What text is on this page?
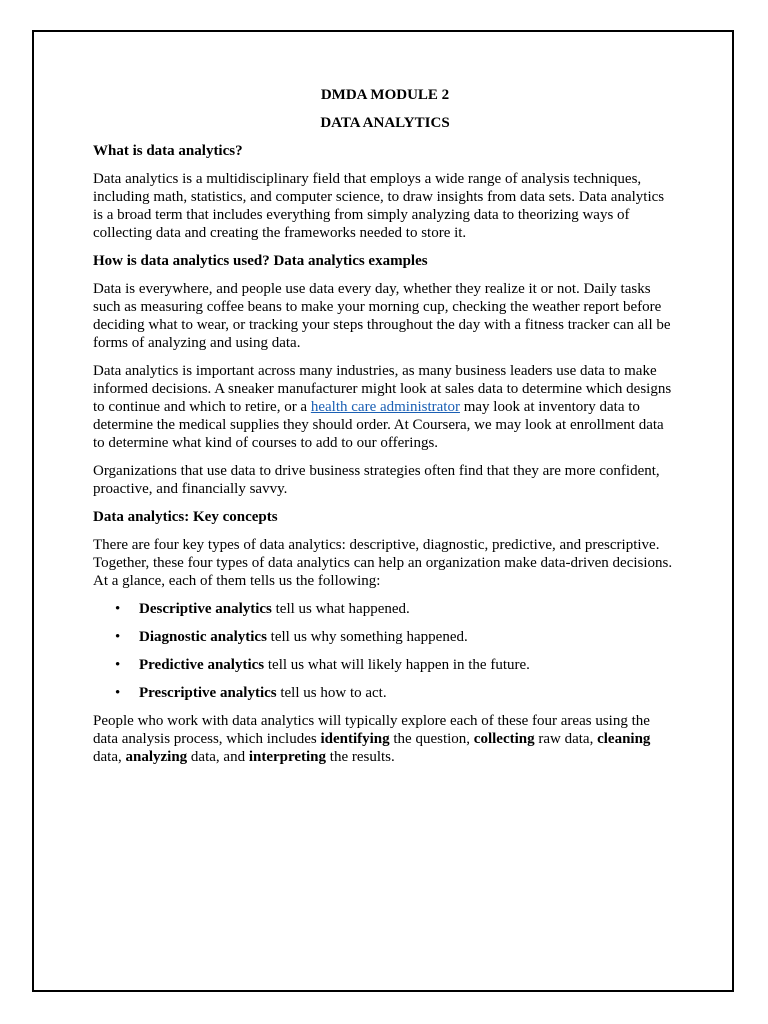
DMDA MODULE 2
DATA ANALYTICS
What is data analytics?

Data analytics is a multidisciplinary field that employs a wide range of analysis techniques, including math, statistics, and computer science, to draw insights from data sets. Data analytics is a broad term that includes everything from simply analyzing data to theorizing ways of collecting data and creating the frameworks needed to store it.

How is data analytics used? Data analytics examples

Data is everywhere, and people use data every day, whether they realize it or not. Daily tasks such as measuring coffee beans to make your morning cup, checking the weather report before deciding what to wear, or tracking your steps throughout the day with a fitness tracker can all be forms of analyzing and using data.

Data analytics is important across many industries, as many business leaders use data to make informed decisions. A sneaker manufacturer might look at sales data to determine which designs to continue and which to retire, or a health care administrator may look at inventory data to determine the medical supplies they should order. At Coursera, we may look at enrollment data to determine what kind of courses to add to our offerings.

Organizations that use data to drive business strategies often find that they are more confident, proactive, and financially savvy.

Data analytics: Key concepts

There are four key types of data analytics: descriptive, diagnostic, predictive, and prescriptive. Together, these four types of data analytics can help an organization make data-driven decisions. At a glance, each of them tells us the following:

• Descriptive analytics tell us what happened.
• Diagnostic analytics tell us why something happened.
• Predictive analytics tell us what will likely happen in the future.
• Prescriptive analytics tell us how to act.

People who work with data analytics will typically explore each of these four areas using the data analysis process, which includes identifying the question, collecting raw data, cleaning data, analyzing data, and interpreting the results.
